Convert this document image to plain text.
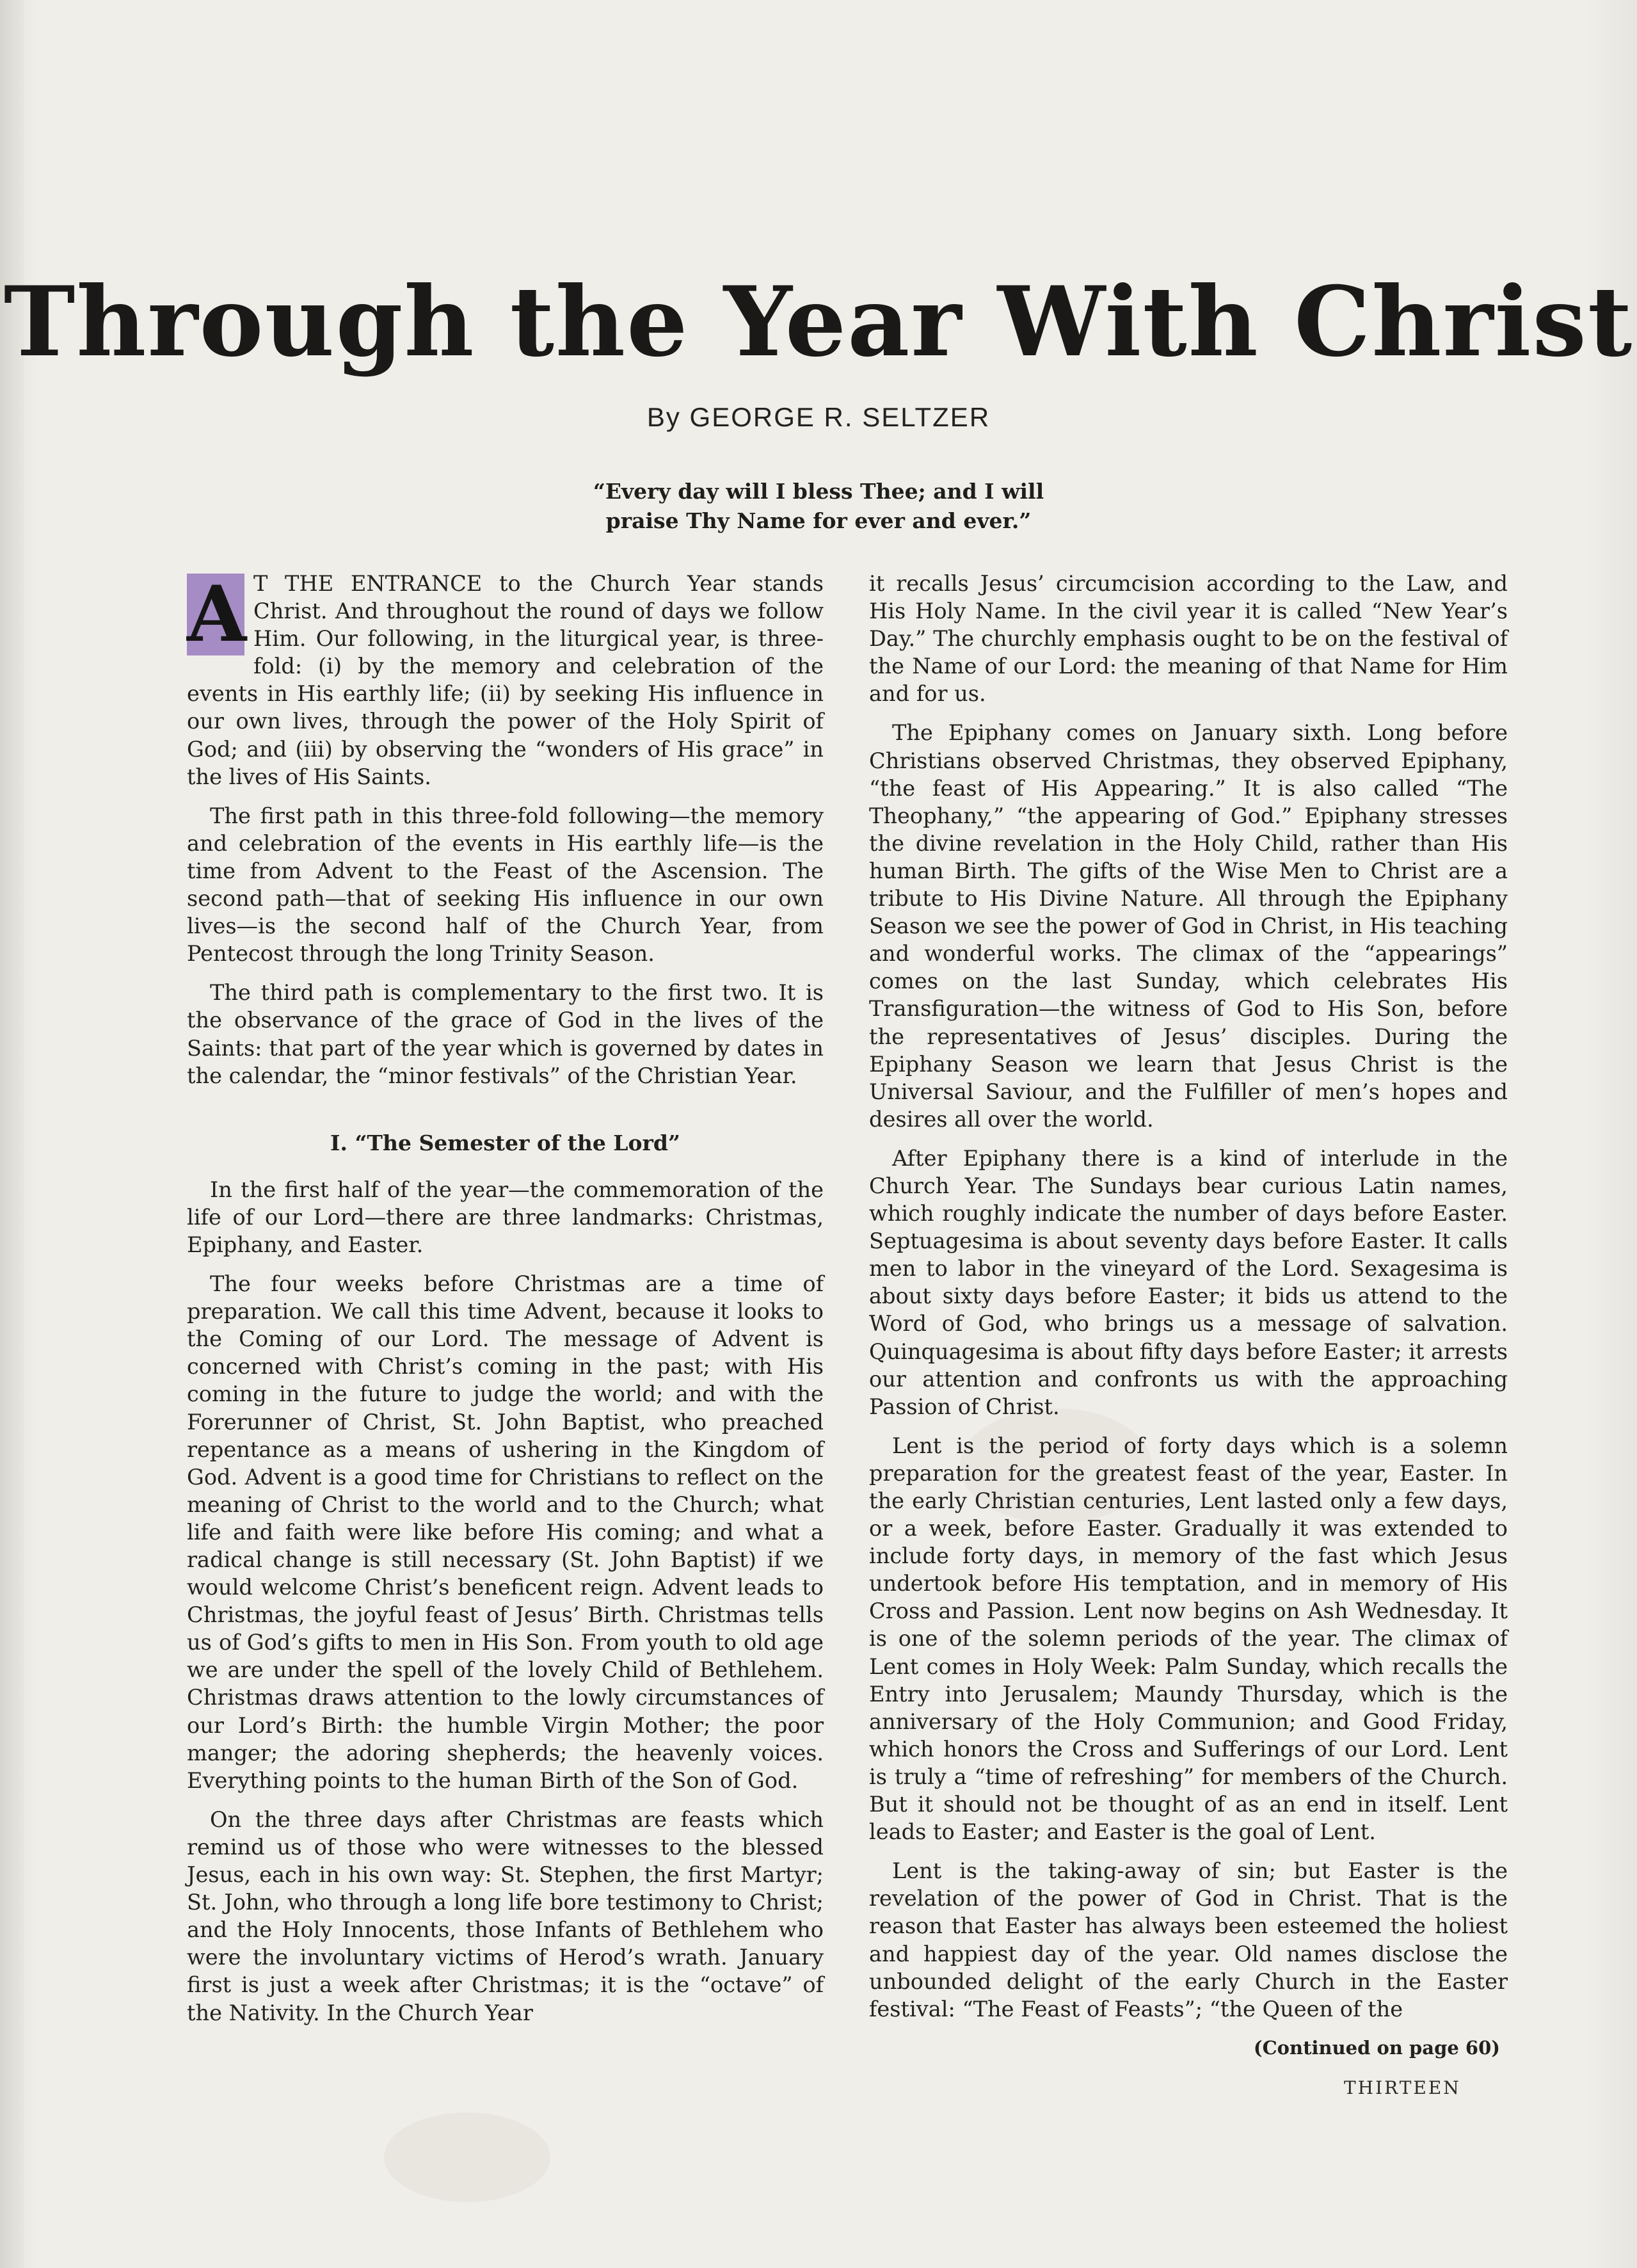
Through the Year With Christ
By GEORGE R. SELTZER
“Every day will I bless Thee; and I will
praise Thy Name for ever and ever.”

A T THE ENTRANCE to the Church Year stands Christ. And throughout the round of days we follow Him. Our following, in the liturgical year, is three-fold: (i) by the memory and celebration of the events in His earthly life; (ii) by seeking His influence in our own lives, through the power of the Holy Spirit of God; and (iii) by observing the “wonders of His grace” in the lives of His Saints.

The first path in this three-fold following—the memory and celebration of the events in His earthly life—is the time from Advent to the Feast of the Ascension. The second path—that of seeking His influence in our own lives—is the second half of the Church Year, from Pentecost through the long Trinity Season.

The third path is complementary to the first two. It is the observance of the grace of God in the lives of the Saints: that part of the year which is governed by dates in the calendar, the “minor festivals” of the Christian Year.

I. “The Semester of the Lord”

In the first half of the year—the commemoration of the life of our Lord—there are three landmarks: Christmas, Epiphany, and Easter.

The four weeks before Christmas are a time of preparation. We call this time Advent, because it looks to the Coming of our Lord. The message of Advent is concerned with Christ’s coming in the past; with His coming in the future to judge the world; and with the Forerunner of Christ, St. John Baptist, who preached repentance as a means of ushering in the Kingdom of God. Advent is a good time for Christians to reflect on the meaning of Christ to the world and to the Church; what life and faith were like before His coming; and what a radical change is still necessary (St. John Baptist) if we would welcome Christ’s beneficent reign. Advent leads to Christmas, the joyful feast of Jesus’ Birth. Christmas tells us of God’s gifts to men in His Son. From youth to old age we are under the spell of the lovely Child of Bethlehem. Christmas draws attention to the lowly circumstances of our Lord’s Birth: the humble Virgin Mother; the poor manger; the adoring shepherds; the heavenly voices. Everything points to the human Birth of the Son of God.

On the three days after Christmas are feasts which remind us of those who were witnesses to the blessed Jesus, each in his own way: St. Stephen, the first Martyr; St. John, who through a long life bore testimony to Christ; and the Holy Innocents, those Infants of Bethlehem who were the involuntary victims of Herod’s wrath. January first is just a week after Christmas; it is the “octave” of the Nativity. In the Church Year

it recalls Jesus’ circumcision according to the Law, and His Holy Name. In the civil year it is called “New Year’s Day.” The churchly emphasis ought to be on the festival of the Name of our Lord: the meaning of that Name for Him and for us.

The Epiphany comes on January sixth. Long before Christians observed Christmas, they observed Epiphany, “the feast of His Appearing.” It is also called “The Theophany,” “the appearing of God.” Epiphany stresses the divine revelation in the Holy Child, rather than His human Birth. The gifts of the Wise Men to Christ are a tribute to His Divine Nature. All through the Epiphany Season we see the power of God in Christ, in His teaching and wonderful works. The climax of the “appearings” comes on the last Sunday, which celebrates His Transfiguration—the witness of God to His Son, before the representatives of Jesus’ disciples. During the Epiphany Season we learn that Jesus Christ is the Universal Saviour, and the Fulfiller of men’s hopes and desires all over the world.

After Epiphany there is a kind of interlude in the Church Year. The Sundays bear curious Latin names, which roughly indicate the number of days before Easter. Septuagesima is about seventy days before Easter. It calls men to labor in the vineyard of the Lord. Sexagesima is about sixty days before Easter; it bids us attend to the Word of God, who brings us a message of salvation. Quinquagesima is about fifty days before Easter; it arrests our attention and confronts us with the approaching Passion of Christ.

Lent is the period of forty days which is a solemn preparation for the greatest feast of the year, Easter. In the early Christian centuries, Lent lasted only a few days, or a week, before Easter. Gradually it was extended to include forty days, in memory of the fast which Jesus undertook before His temptation, and in memory of His Cross and Passion. Lent now begins on Ash Wednesday. It is one of the solemn periods of the year. The climax of Lent comes in Holy Week: Palm Sunday, which recalls the Entry into Jerusalem; Maundy Thursday, which is the anniversary of the Holy Communion; and Good Friday, which honors the Cross and Sufferings of our Lord. Lent is truly a “time of refreshing” for members of the Church. But it should not be thought of as an end in itself. Lent leads to Easter; and Easter is the goal of Lent.

Lent is the taking-away of sin; but Easter is the revelation of the power of God in Christ. That is the reason that Easter has always been esteemed the holiest and happiest day of the year. Old names disclose the unbounded delight of the early Church in the Easter festival: “The Feast of Feasts”; “the Queen of the

(Continued on page 60)
THIRTEEN
